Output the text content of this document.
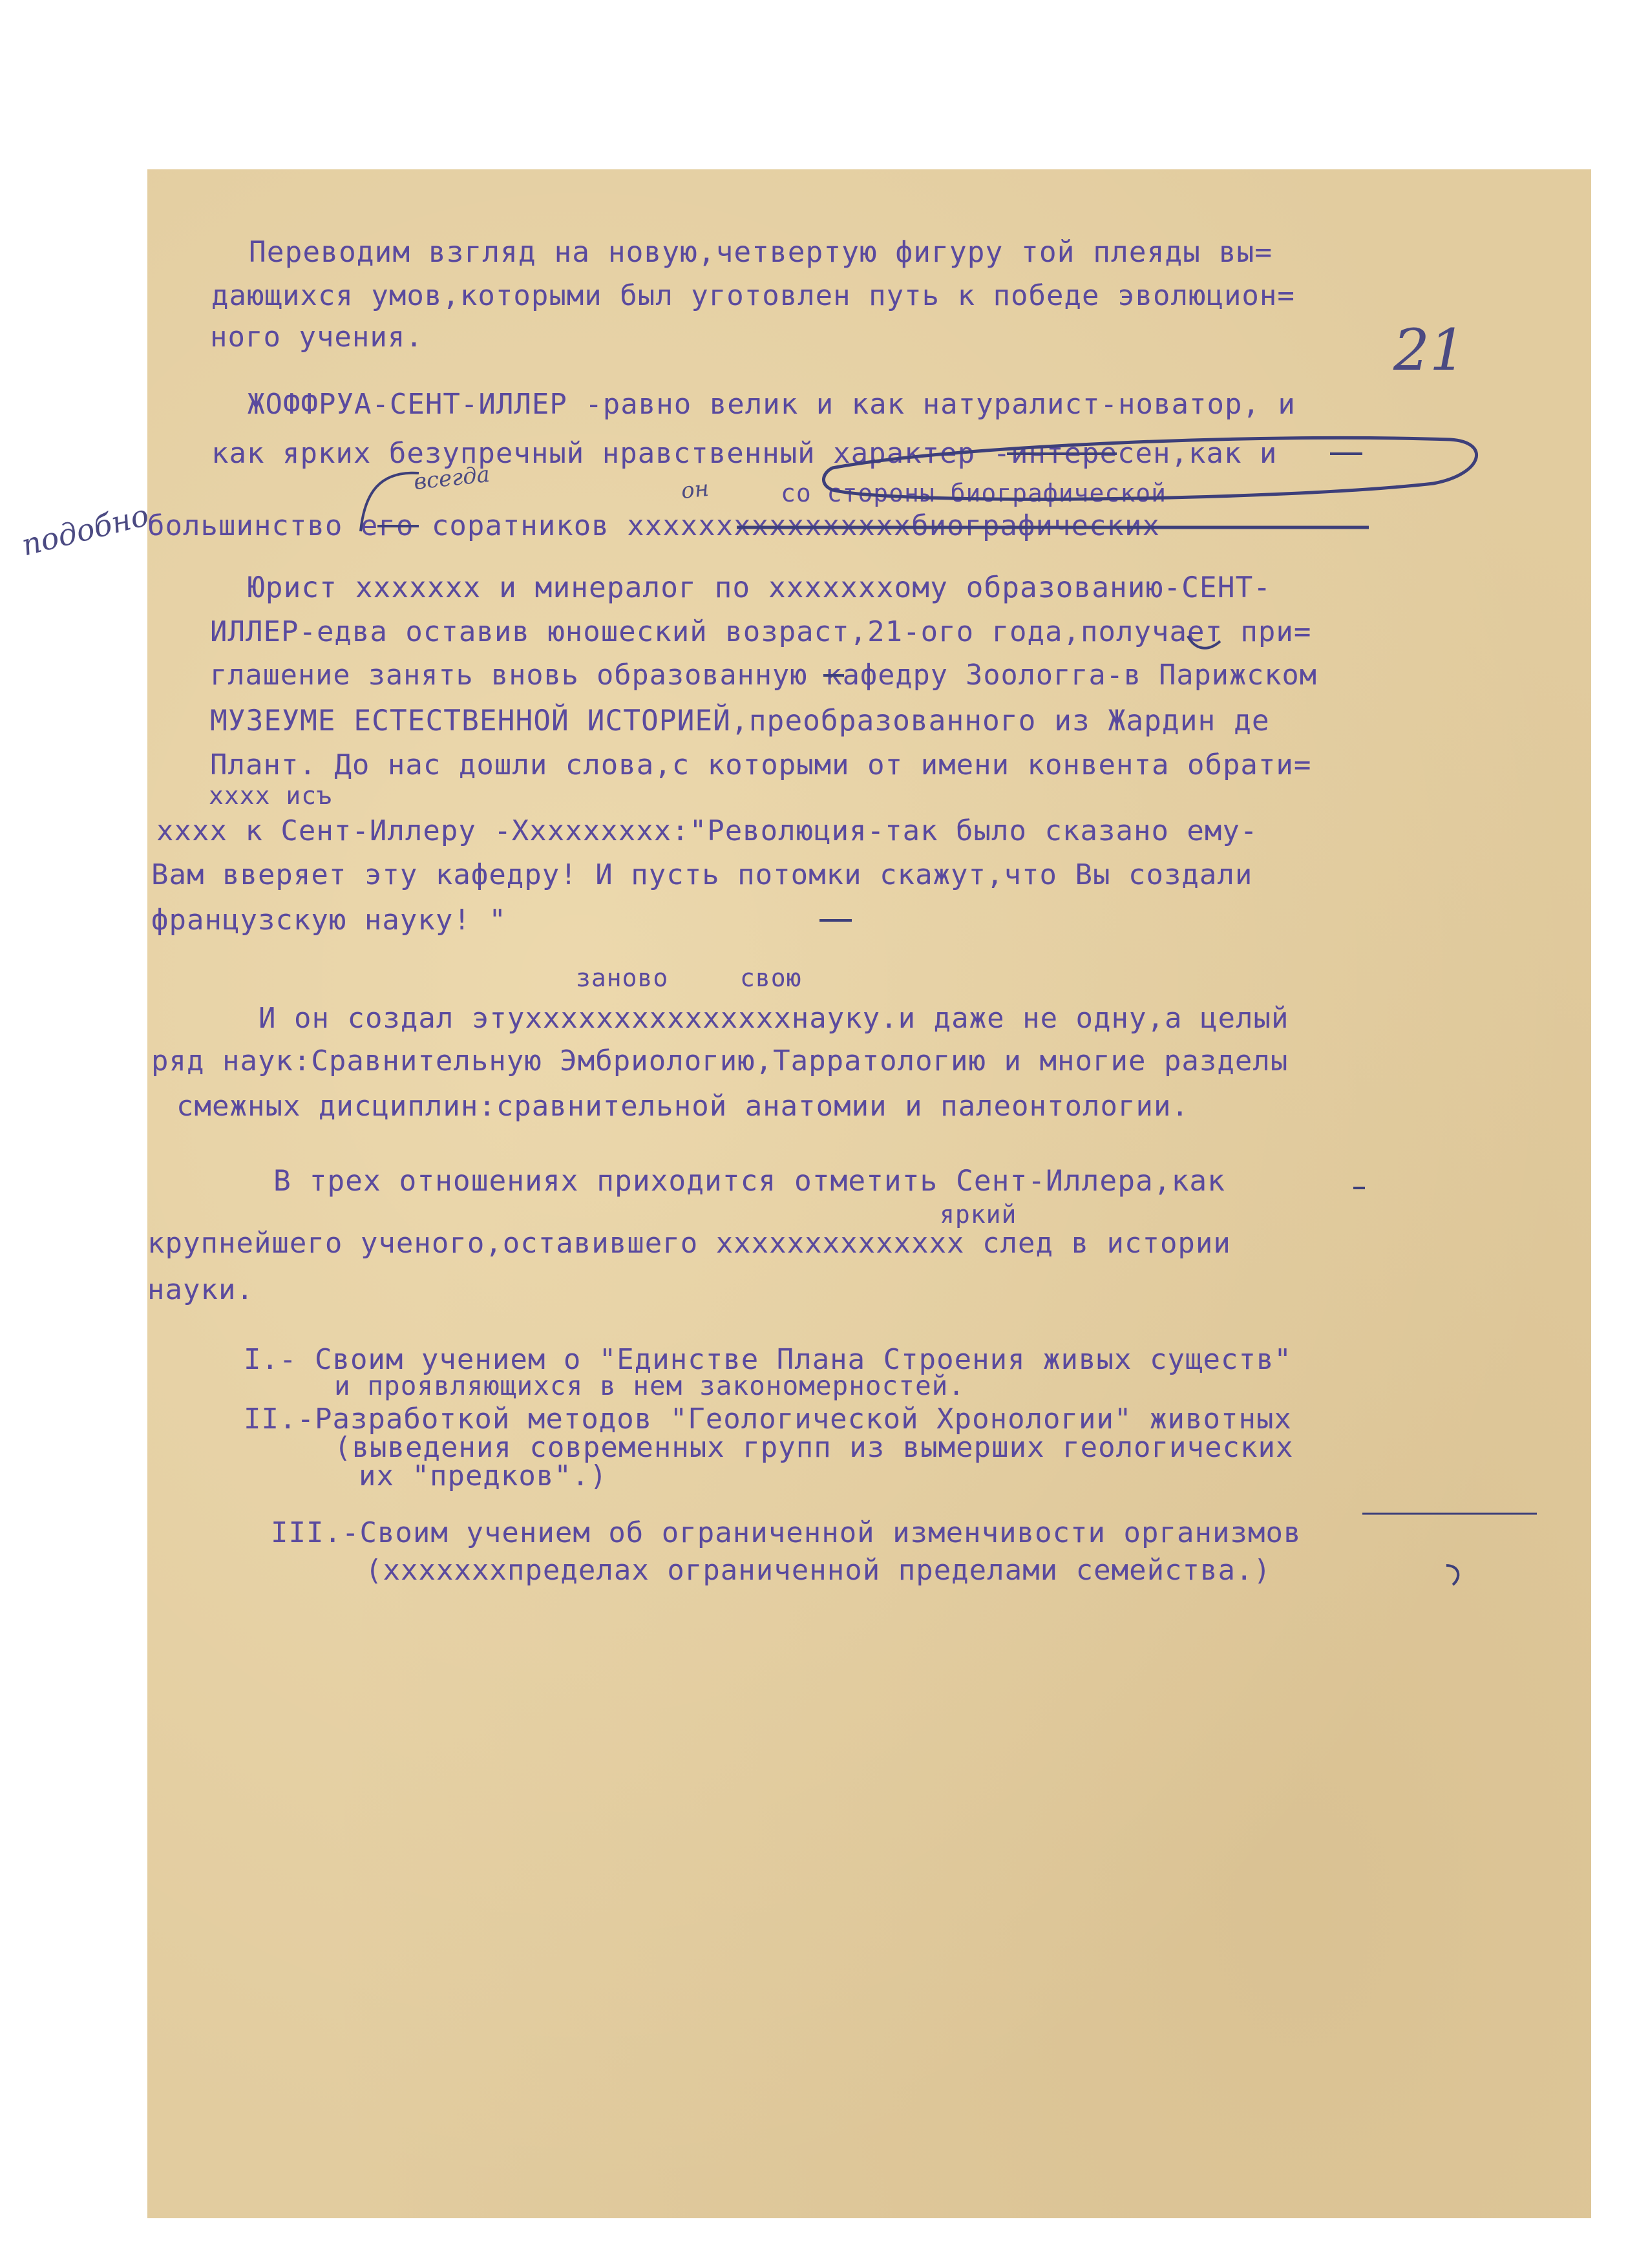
Переводим взгляд на новую,четвертую фигуру той плеяды вы=
дающихся умов,которыми был уготовлен путь к победе эволюцион=
ного учения.	21
ЖОФФРУА-СЕНТ-ИЛЛЕР -равно велик и как натуралист-новатор, и
как ярких безупречный нравственный характер -интересен,как и
подобно
всегда	он	со стороны биографической
большинство его соратников xхxхxxxхxхxxxхxхбиографических
Юрист xхxхxхx и минералог по хxхxхxхому образованию-СЕНТ-
ИЛЛЕР-едва оставив юношеский возраст,21-ого года,получает при=
глашение занять вновь образованную кафедру Зоологга-в Парижском
МУЗЕУМЕ ЕСТЕСТВЕННОЙ ИСТОРИЕЙ,преобразованного из Жардин де
Плант. До нас дошли слова,с которыми от имени конвента обрати=
xхxх исъ
xхxх к Сент-Иллеру -Хxхxхxхxx:"Революция-так было сказано ему-
Вам вверяет эту кафедру! И пусть потомки скажут,что Вы создали
французскую науку! "
заново	свою
И он создал этухxхxхxхxхxхxхxхнауку.и даже не одну,а целый
ряд наук:Сравнительную Эмбриологию,Тарратологию и многие разделы
смежных дисциплин:сравнительной анатомии и палеонтологии.
В трех отношениях приходится отметить Сент-Иллера,как
яркий
крупнейшего ученого,оставившего xхxхxхxхxхxхxx след в истории
науки.
I.- Своим учением о "Единстве Плана Строения живых существ"
и проявляющихся в нем закономерностей.
II.-Разработкой методов "Геологической Хронологии" животных
(выведения современных групп из вымерших геологических
их "предков".)
III.-Своим учением об ограниченной изменчивости организмов
(xхxхxхxпределах ограниченной пределами семейства.)
